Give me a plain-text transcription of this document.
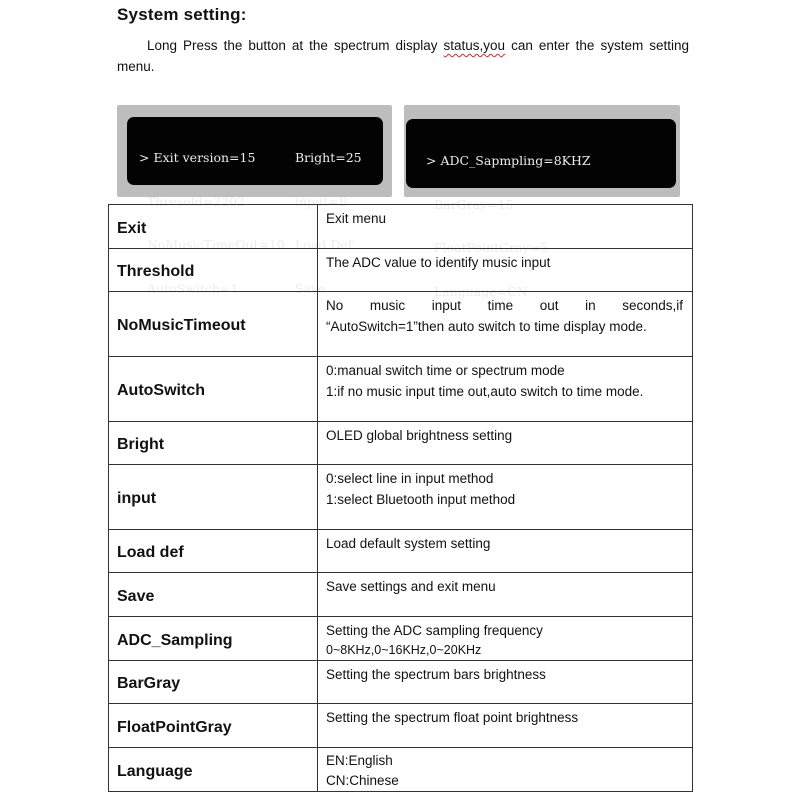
System setting:
Long Press the button at the spectrum display status,you can enter the system setting menu.

> Exit version=15

Thresold=2202

NoMusicTimeOut=10

AutoSwitch=1

Bright=25

input=B

Load Def

Save

> ADC_Sapmpling=8KHZ

BarGray=15

FloatPointGray=5

Language=CN

Exit	Exit menu

Threshold	The ADC value to identify music input

NoMusicTimeout	No music input time out in seconds,if
“AutoSwitch=1”then auto switch to time display mode.

AutoSwitch	0:manual switch time or spectrum mode
1:if no music input time out,auto switch to time mode.

Bright	OLED global brightness setting

input	0:select line in input method
1:select Bluetooth input method

Load def	Load default system setting

Save	Save settings and exit menu

ADC_Sampling	Setting the ADC sampling frequency
0~8KHz,0~16KHz,0~20KHz

BarGray	Setting the spectrum bars brightness

FloatPointGray	Setting the spectrum float point brightness

Language	EN:English
CN:Chinese
